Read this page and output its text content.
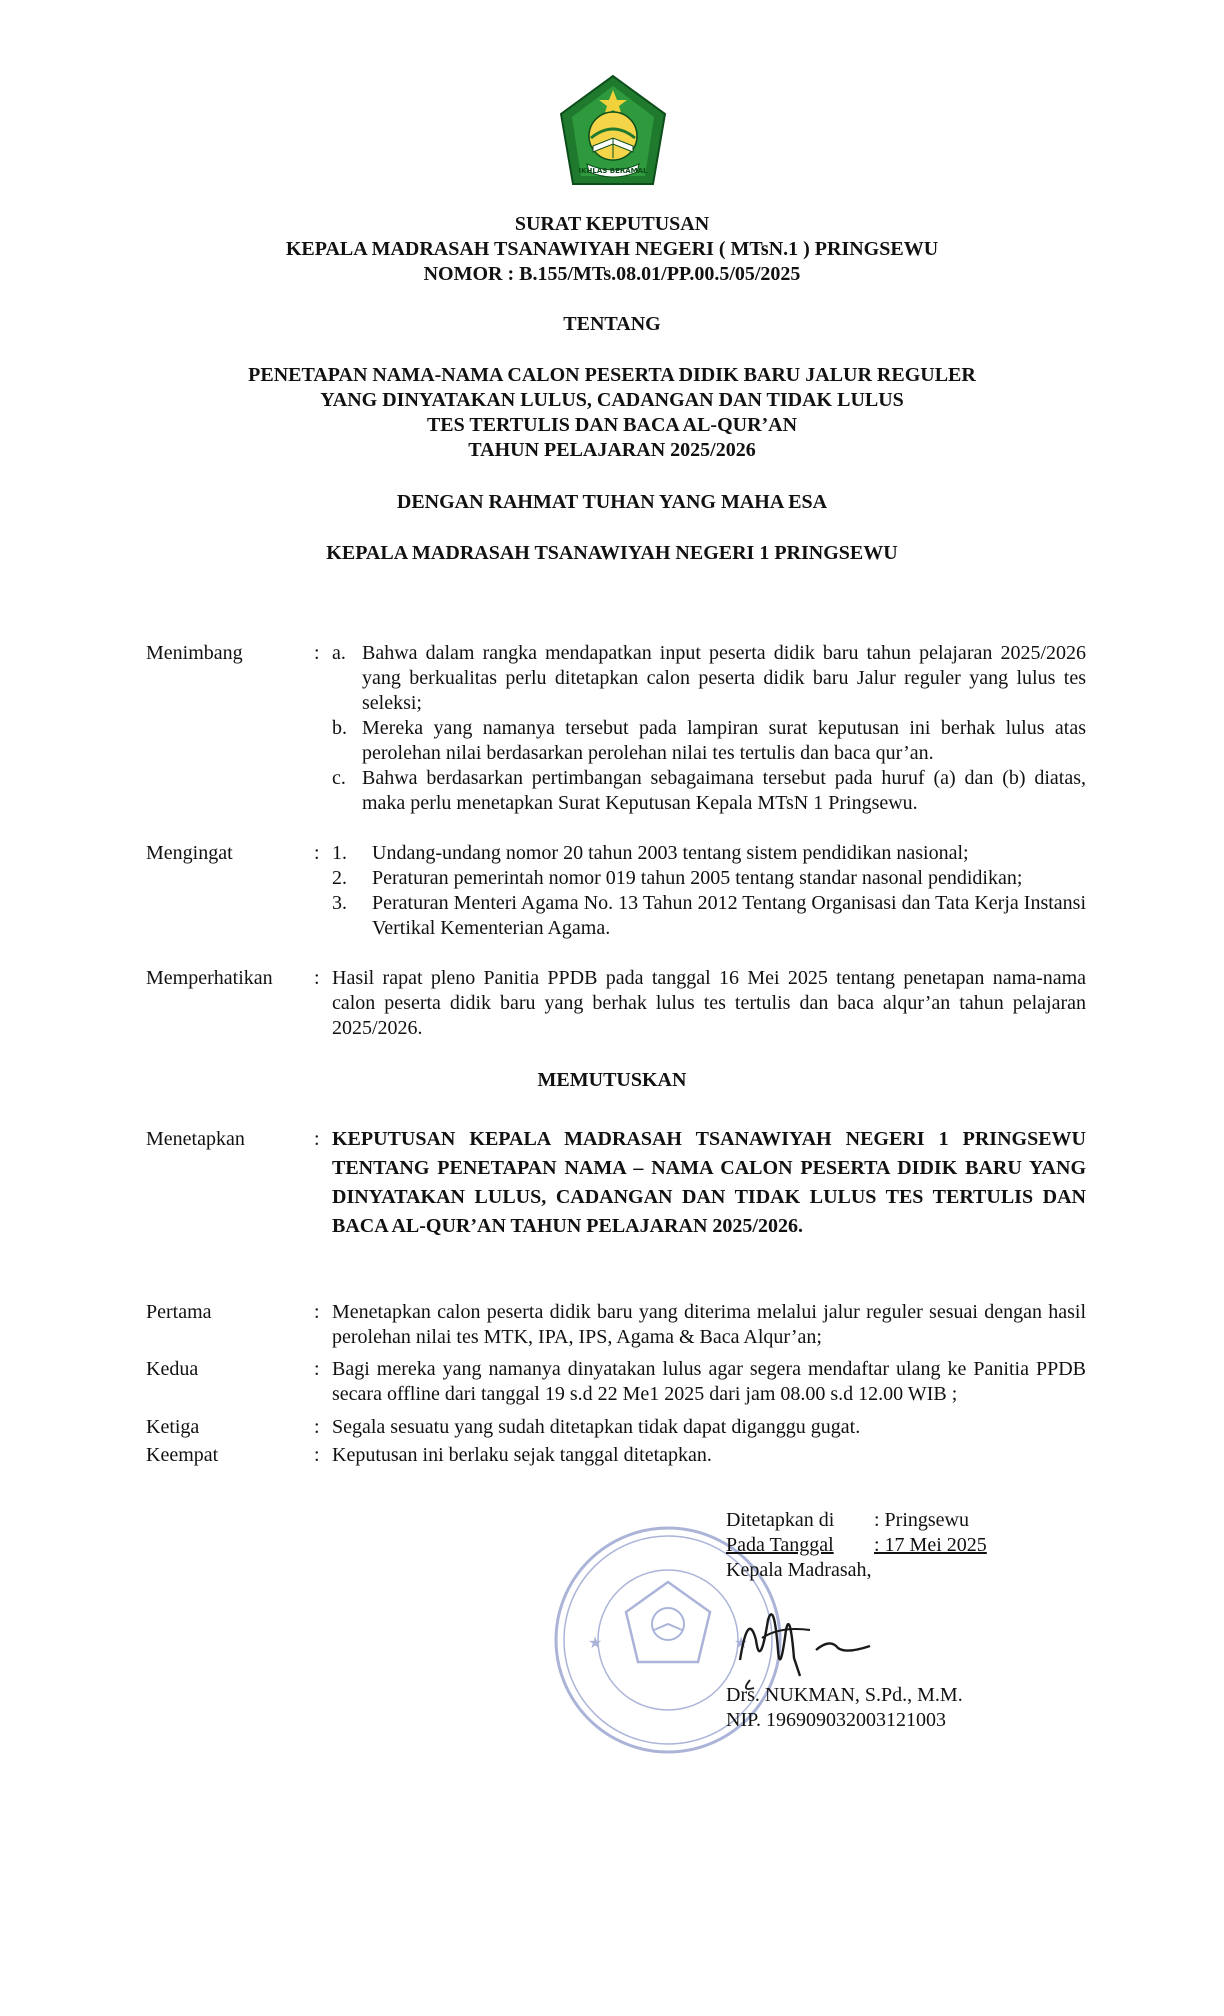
IKHLAS BERAMAL
SURAT KEPUTUSAN
KEPALA MADRASAH TSANAWIYAH NEGERI ( MTsN.1 ) PRINGSEWU
NOMOR : B.155/MTs.08.01/PP.00.5/05/2025
TENTANG
PENETAPAN NAMA-NAMA CALON PESERTA DIDIK BARU JALUR REGULER
YANG DINYATAKAN LULUS, CADANGAN DAN TIDAK LULUS
TES TERTULIS DAN BACA AL-QUR’AN
TAHUN PELAJARAN 2025/2026
DENGAN RAHMAT TUHAN YANG MAHA ESA
KEPALA MADRASAH TSANAWIYAH NEGERI 1 PRINGSEWU
Menimbang	: a. Bahwa dalam rangka mendapatkan input peserta didik baru tahun pelajaran 2025/2026 yang berkualitas perlu ditetapkan calon peserta didik baru Jalur reguler yang lulus tes seleksi;
b. Mereka yang namanya tersebut pada lampiran surat keputusan ini berhak lulus atas perolehan nilai berdasarkan perolehan nilai tes tertulis dan baca qur’an.
c. Bahwa berdasarkan pertimbangan sebagaimana tersebut pada huruf (a) dan (b) diatas, maka perlu menetapkan Surat Keputusan Kepala MTsN 1 Pringsewu.
Mengingat	: 1. Undang-undang nomor 20 tahun 2003 tentang sistem pendidikan nasional;
2. Peraturan pemerintah nomor 019 tahun 2005 tentang standar nasonal pendidikan;
3. Peraturan Menteri Agama No. 13 Tahun 2012 Tentang Organisasi dan Tata Kerja Instansi Vertikal Kementerian Agama.
Memperhatikan : Hasil rapat pleno Panitia PPDB pada tanggal 16 Mei 2025 tentang penetapan nama-nama calon peserta didik baru yang berhak lulus tes tertulis dan baca alqur’an tahun pelajaran 2025/2026.
MEMUTUSKAN
Menetapkan	: KEPUTUSAN KEPALA MADRASAH TSANAWIYAH NEGERI 1 PRINGSEWU TENTANG PENETAPAN NAMA – NAMA CALON PESERTA DIDIK BARU YANG DINYATAKAN LULUS, CADANGAN DAN TIDAK LULUS TES TERTULIS DAN BACA AL-QUR’AN TAHUN PELAJARAN 2025/2026.
Pertama	: Menetapkan calon peserta didik baru yang diterima melalui jalur reguler sesuai dengan hasil perolehan nilai tes MTK, IPA, IPS, Agama & Baca Alqur’an;
Kedua	: Bagi mereka yang namanya dinyatakan lulus agar segera mendaftar ulang ke Panitia PPDB secara offline dari tanggal 19 s.d 22 Me1 2025 dari jam 08.00 s.d 12.00 WIB ;
Ketiga	: Segala sesuatu yang sudah ditetapkan tidak dapat diganggu gugat.
Keempat	: Keputusan ini berlaku sejak tanggal ditetapkan.
★	★
Ditetapkan di	: Pringsewu
Pada Tanggal	: 17 Mei 2025
Kepala Madrasah,
Drs. NUKMAN, S.Pd., M.M.
NIP. 196909032003121003
